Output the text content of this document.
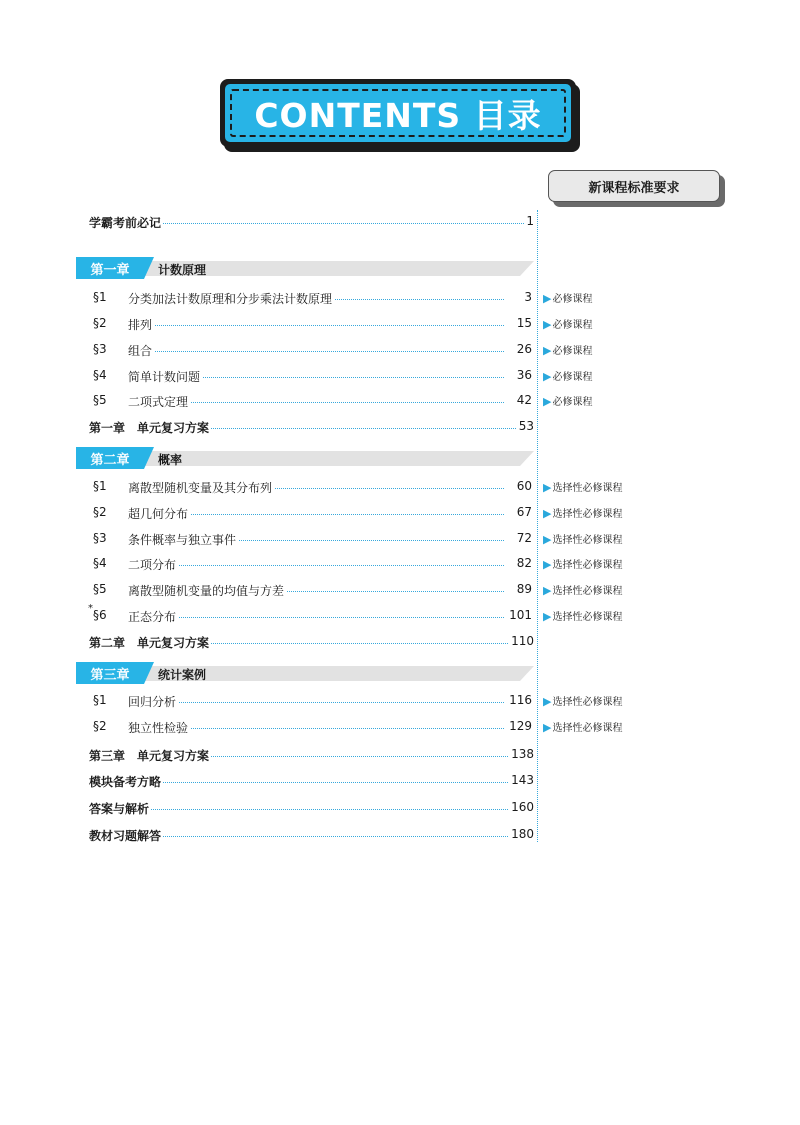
CONTENTS 目录
新课程标准要求
学霸考前必记	1
第一章	计数原理
§1 分类加法计数原理和分步乘法计数原理	3 ▶必修课程
§2 排列	15 ▶必修课程
§3 组合	26 ▶必修课程
§4 简单计数问题	36 ▶必修课程
§5 二项式定理	42 ▶必修课程
第一章　单元复习方案	53
第二章	概率
§1 离散型随机变量及其分布列	60 ▶选择性必修课程
§2 超几何分布	67 ▶选择性必修课程
§3 条件概率与独立事件	72 ▶选择性必修课程
§4 二项分布	82 ▶选择性必修课程
§5 离散型随机变量的均值与方差	89 ▶选择性必修课程
* §6 正态分布	101 ▶选择性必修课程
第二章　单元复习方案	110
第三章	统计案例
§1 回归分析	116 ▶选择性必修课程
§2 独立性检验	129 ▶选择性必修课程
第三章　单元复习方案	138
模块备考方略	143
答案与解析	160
教材习题解答	180
